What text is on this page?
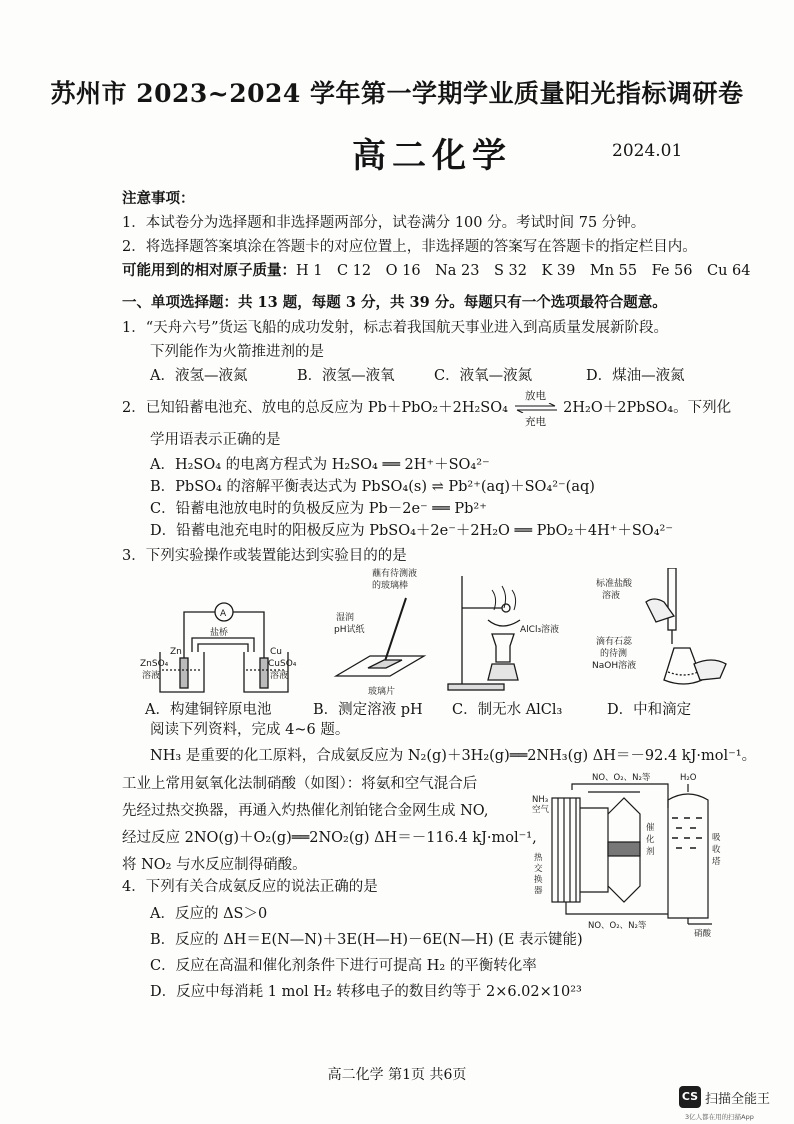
苏州市 2023~2024 学年第一学期学业质量阳光指标调研卷
高二化学	2024.01
注意事项：
1．本试卷分为选择题和非选择题两部分，试卷满分 100 分。考试时间 75 分钟。
2．将选择题答案填涂在答题卡的对应位置上，非选择题的答案写在答题卡的指定栏目内。
可能用到的相对原子质量：H 1　C 12　O 16　Na 23　S 32　K 39　Mn 55　Fe 56　Cu 64
一、单项选择题：共 13 题，每题 3 分，共 39 分。每题只有一个选项最符合题意。
1．“天舟六号”货运飞船的成功发射，标志着我国航天事业进入到高质量发展新阶段。
下列能作为火箭推进剂的是
A．液氢—液氮	B．液氢—液氧	C．液氧—液氮	D．煤油—液氮
2．已知铅蓄电池充、放电的总反应为 Pb＋PbO₂＋2H₂SO₄
放电
充电
2H₂O＋2PbSO₄。下列化
学用语表示正确的是
A．H₂SO₄ 的电离方程式为 H₂SO₄ ══ 2H⁺＋SO₄²⁻
B．PbSO₄ 的溶解平衡表达式为 PbSO₄(s) ⇌ Pb²⁺(aq)＋SO₄²⁻(aq)
C．铅蓄电池放电时的负极反应为 Pb－2e⁻ ══ Pb²⁺
D．铅蓄电池充电时的阳极反应为 PbSO₄＋2e⁻＋2H₂O ══ PbO₂＋4H⁺＋SO₄²⁻
3．下列实验操作或装置能达到实验目的的是
A
盐桥
Zn	Cu
ZnSO₄
溶液
CuSO₄
溶液
蘸有待测液
的玻璃棒
湿润
pH试纸
玻璃片
AlCl₃溶液
标准盐酸
溶液
滴有石蕊
的待测
NaOH溶液
A．构建铜锌原电池	B．测定溶液 pH C．制无水 AlCl₃	D．中和滴定
阅读下列资料，完成 4~6 题。
NH₃ 是重要的化工原料，合成氨反应为 N₂(g)＋3H₂(g)══2NH₃(g) ΔH＝－92.4 kJ·mol⁻¹。
工业上常用氨氧化法制硝酸（如图）：将氨和空气混合后
先经过热交换器，再通入灼热催化剂铂铑合金网生成 NO,
经过反应 2NO(g)＋O₂(g)══2NO₂(g) ΔH＝－116.4 kJ·mol⁻¹,
将 NO₂ 与水反应制得硝酸。
NO、O₂、N₂等	H₂O
NH₃
空气
催
化
剂
吸
收
塔
热
交
换
器
NO、O₂、N₂等
硝酸
4．下列有关合成氨反应的说法正确的是
A．反应的 ΔS＞0
B．反应的 ΔH＝E(N—N)＋3E(H—H)－6E(N—H) (E 表示键能)
C．反应在高温和催化剂条件下进行可提高 H₂ 的平衡转化率
D．反应中每消耗 1 mol H₂ 转移电子的数目约等于 2×6.02×10²³
高二化学 第1页 共6页
CS 扫描全能王
3亿人都在用的扫描App
